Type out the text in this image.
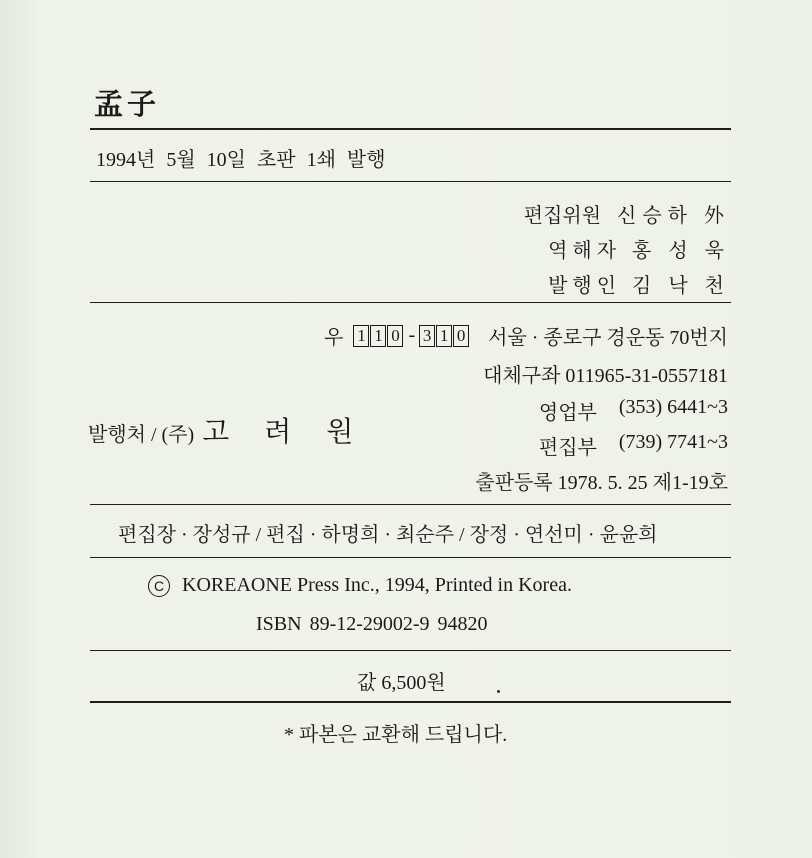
孟子
1994년 5월 10일 초판 1쇄 발행
편집위원 신승하 外
역 해 자 홍 성 욱
발 행 인 김 낙 천
우 1 1 0 - 3 1 0 서울 · 종로구 경운동 70번지
대체구좌 011965-31-0557181
발행처 / (주) 고 려 원
영업부 (353) 6441~3
편집부 (739) 7741~3
출판등록 1978. 5. 25 제1-19호
편집장 · 장성규 / 편집 · 하명희 · 최순주 / 장정 · 연선미 · 윤윤희
C KOREAONE Press Inc., 1994, Printed in Korea.
ISBN 89-12-29002-9 94820
값 6,500원
* 파본은 교환해 드립니다.
